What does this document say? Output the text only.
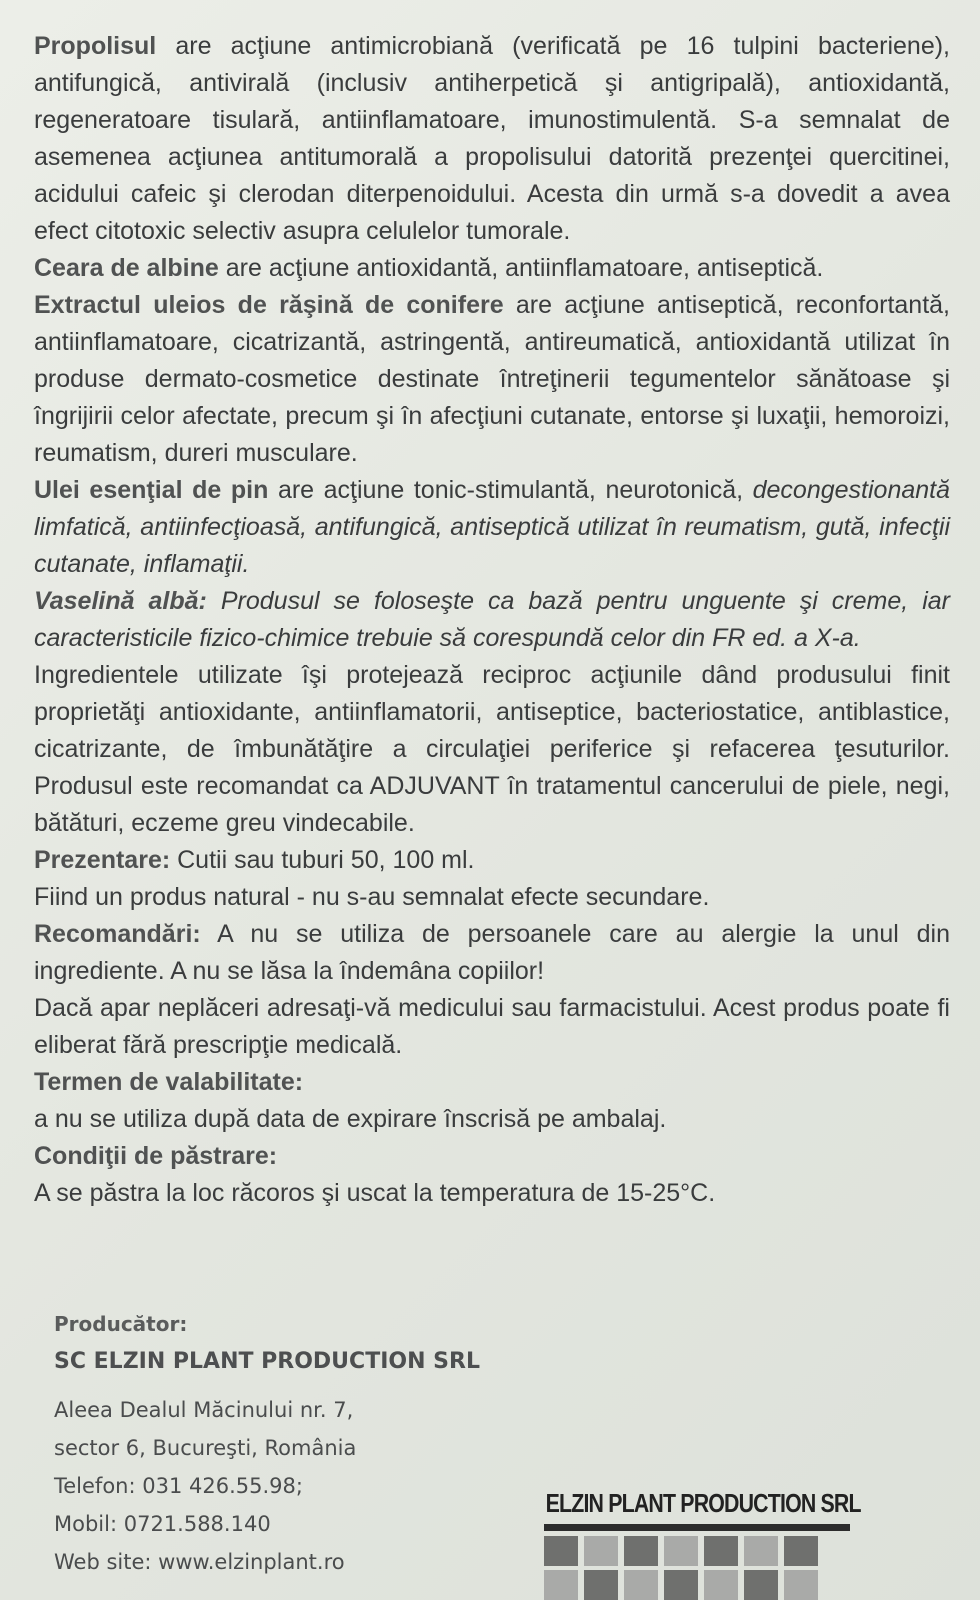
Propolisul are acţiune antimicrobiană (verificată pe 16 tulpini bacteriene), antifungică, antivirală (inclusiv antiherpetică şi antigripală), antioxidantă, regeneratoare tisulară, antiinflamatoare, imunostimulentă. S-a semnalat de asemenea acţiunea antitumorală a propolisului datorită prezenţei quercitinei, acidului cafeic şi clerodan diterpenoidului. Acesta din urmă s-a dovedit a avea efect citotoxic selectiv asupra celulelor tumorale.

Ceara de albine are acţiune antioxidantă, antiinflamatoare, antiseptică.

Extractul uleios de răşină de conifere are acţiune antiseptică, reconfortantă, antiinflamatoare, cicatrizantă, astringentă, antireumatică, antioxidantă utilizat în produse dermato-cosmetice destinate întreţinerii tegumentelor sănătoase şi îngrijirii celor afectate, precum şi în afecţiuni cutanate, entorse şi luxaţii, hemoroizi, reumatism, dureri musculare.

Ulei esenţial de pin are acţiune tonic-stimulantă, neurotonică, decongestionantă limfatică, antiinfecţioasă, antifungică, antiseptică utilizat în reumatism, gută, infecţii cutanate, inflamaţii.

Vaselină albă: Produsul se foloseşte ca bază pentru unguente şi creme, iar caracteristicile fizico-chimice trebuie să corespundă celor din FR ed. a X-a.

Ingredientele utilizate îşi protejează reciproc acţiunile dând produsului finit proprietăţi antioxidante, antiinflamatorii, antiseptice, bacteriostatice, antiblastice, cicatrizante, de îmbunătăţire a circulaţiei periferice şi refacerea ţesuturilor. Produsul este recomandat ca ADJUVANT în tratamentul cancerului de piele, negi, bătături, eczeme greu vindecabile.

Prezentare: Cutii sau tuburi 50, 100 ml.

Fiind un produs natural - nu s-au semnalat efecte secundare.

Recomandări: A nu se utiliza de persoanele care au alergie la unul din ingrediente. A nu se lăsa la îndemâna copiilor!

Dacă apar neplăceri adresaţi-vă medicului sau farmacistului. Acest produs poate fi eliberat fără prescripţie medicală.

Termen de valabilitate:

a nu se utiliza după data de expirare înscrisă pe ambalaj.

Condiţii de păstrare:

A se păstra la loc răcoros şi uscat la temperatura de 15-25°C.

Producător:
SC ELZIN PLANT PRODUCTION SRL
Aleea Dealul Măcinului nr. 7,
sector 6, Bucureşti, România
Telefon: 031 426.55.98;
Mobil: 0721.588.140
Web site: www.elzinplant.ro
ELZIN PLANT PRODUCTION SRL
